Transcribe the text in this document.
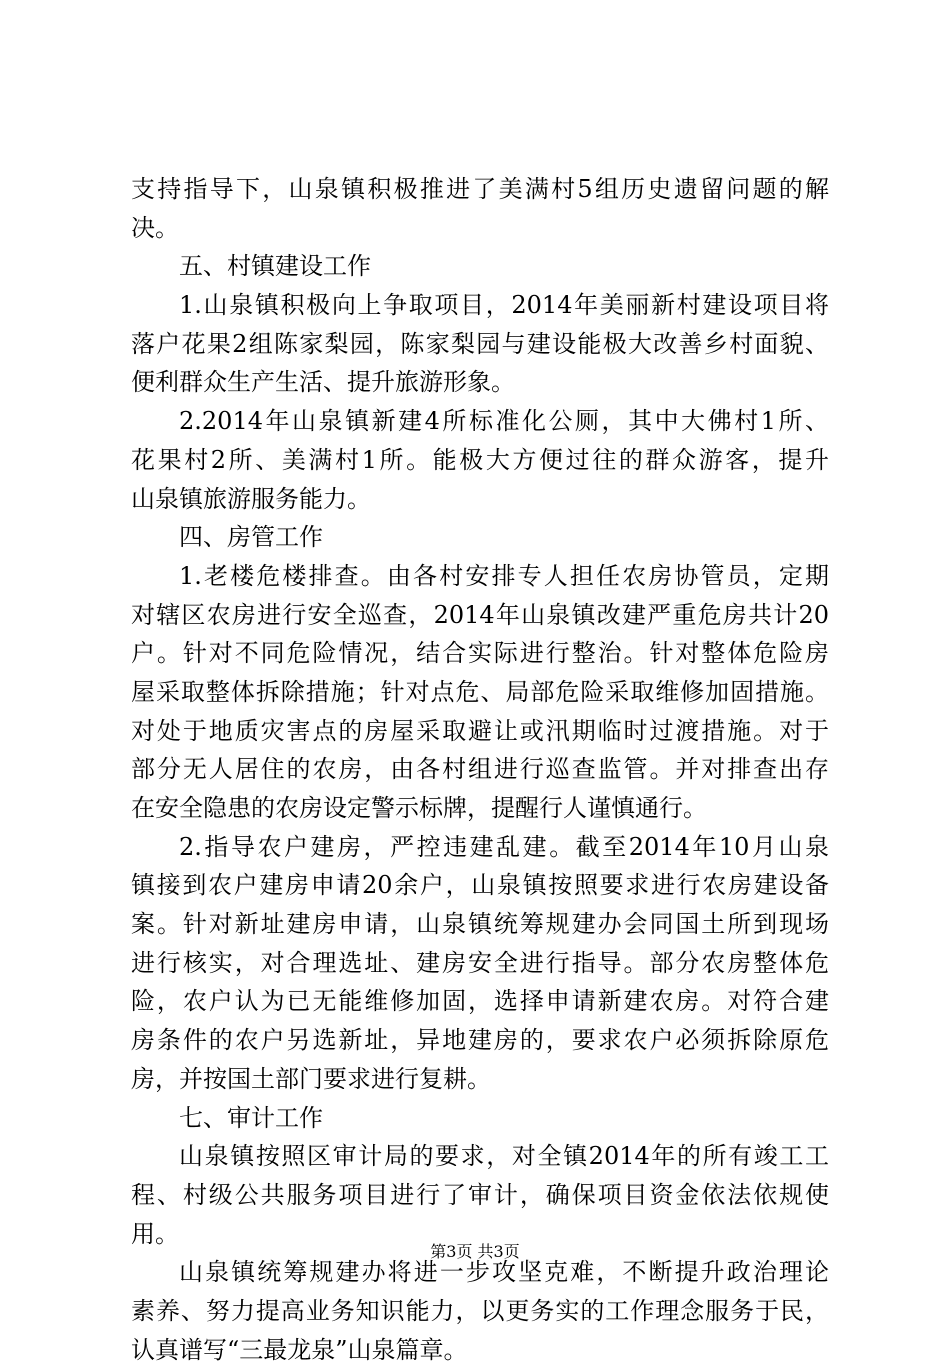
支持指导下，山泉镇积极推进了美满村5组历史遗留问题的解
决。
五、村镇建设工作
1.山泉镇积极向上争取项目，2014年美丽新村建设项目将
落户花果2组陈家梨园，陈家梨园与建设能极大改善乡村面貌、
便利群众生产生活、提升旅游形象。
2.2014年山泉镇新建4所标准化公厕，其中大佛村1所、
花果村2所、美满村1所。能极大方便过往的群众游客，提升
山泉镇旅游服务能力。
四、房管工作
1.老楼危楼排查。由各村安排专人担任农房协管员，定期
对辖区农房进行安全巡查，2014年山泉镇改建严重危房共计20
户。针对不同危险情况，结合实际进行整治。针对整体危险房
屋采取整体拆除措施；针对点危、局部危险采取维修加固措施。
对处于地质灾害点的房屋采取避让或汛期临时过渡措施。对于
部分无人居住的农房，由各村组进行巡查监管。并对排查出存
在安全隐患的农房设定警示标牌，提醒行人谨慎通行。
2.指导农户建房，严控违建乱建。截至2014年10月山泉
镇接到农户建房申请20余户，山泉镇按照要求进行农房建设备
案。针对新址建房申请，山泉镇统筹规建办会同国土所到现场
进行核实，对合理选址、建房安全进行指导。部分农房整体危
险，农户认为已无能维修加固，选择申请新建农房。对符合建
房条件的农户另选新址，异地建房的，要求农户必须拆除原危
房，并按国土部门要求进行复耕。
七、审计工作
山泉镇按照区审计局的要求，对全镇2014年的所有竣工工
程、村级公共服务项目进行了审计，确保项目资金依法依规使
用。
山泉镇统筹规建办将进一步攻坚克难，不断提升政治理论
素养、努力提高业务知识能力，以更务实的工作理念服务于民，
认真谱写“三最龙泉”山泉篇章。
第3页 共3页
